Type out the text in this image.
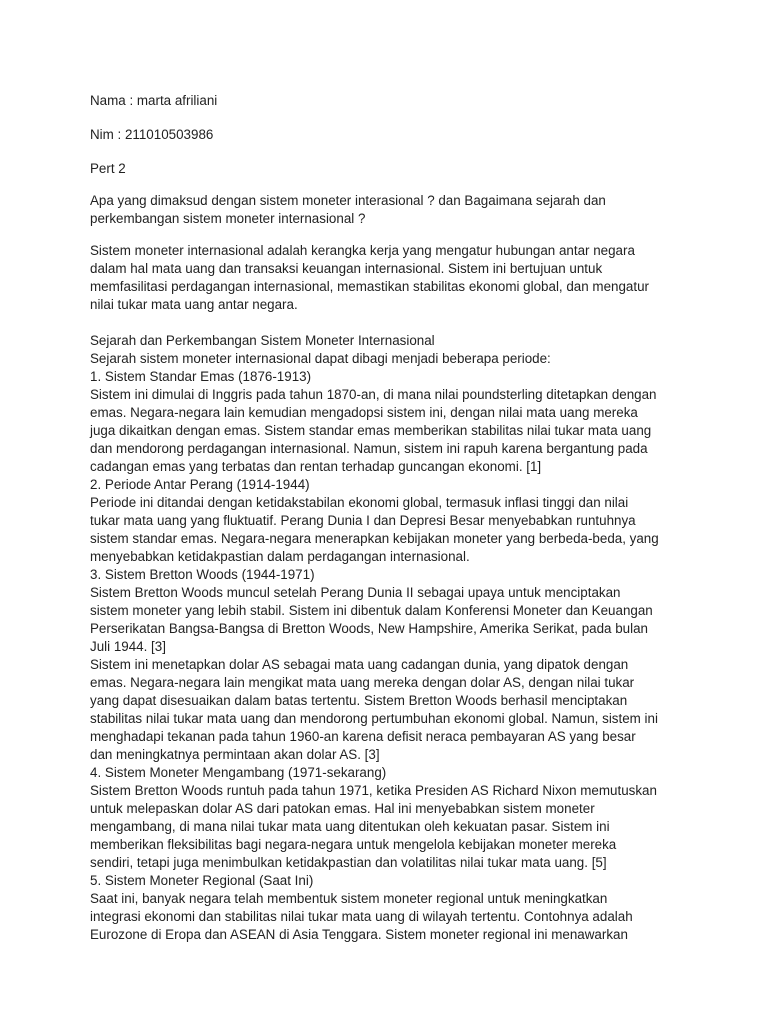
Nama : marta afriliani

Nim : 211010503986

Pert 2

Apa yang dimaksud dengan sistem moneter interasional ? dan Bagaimana sejarah dan
perkembangan sistem moneter internasional ?

Sistem moneter internasional adalah kerangka kerja yang mengatur hubungan antar negara
dalam hal mata uang dan transaksi keuangan internasional. Sistem ini bertujuan untuk
memfasilitasi perdagangan internasional, memastikan stabilitas ekonomi global, dan mengatur
nilai tukar mata uang antar negara.

Sejarah dan Perkembangan Sistem Moneter Internasional

Sejarah sistem moneter internasional dapat dibagi menjadi beberapa periode:

1. Sistem Standar Emas (1876-1913)

Sistem ini dimulai di Inggris pada tahun 1870-an, di mana nilai poundsterling ditetapkan dengan
emas. Negara-negara lain kemudian mengadopsi sistem ini, dengan nilai mata uang mereka
juga dikaitkan dengan emas. Sistem standar emas memberikan stabilitas nilai tukar mata uang
dan mendorong perdagangan internasional. Namun, sistem ini rapuh karena bergantung pada
cadangan emas yang terbatas dan rentan terhadap guncangan ekonomi. [1]

2. Periode Antar Perang (1914-1944)

Periode ini ditandai dengan ketidakstabilan ekonomi global, termasuk inflasi tinggi dan nilai
tukar mata uang yang fluktuatif. Perang Dunia I dan Depresi Besar menyebabkan runtuhnya
sistem standar emas. Negara-negara menerapkan kebijakan moneter yang berbeda-beda, yang
menyebabkan ketidakpastian dalam perdagangan internasional.

3. Sistem Bretton Woods (1944-1971)

Sistem Bretton Woods muncul setelah Perang Dunia II sebagai upaya untuk menciptakan
sistem moneter yang lebih stabil. Sistem ini dibentuk dalam Konferensi Moneter dan Keuangan
Perserikatan Bangsa-Bangsa di Bretton Woods, New Hampshire, Amerika Serikat, pada bulan
Juli 1944. [3]
Sistem ini menetapkan dolar AS sebagai mata uang cadangan dunia, yang dipatok dengan
emas. Negara-negara lain mengikat mata uang mereka dengan dolar AS, dengan nilai tukar
yang dapat disesuaikan dalam batas tertentu. Sistem Bretton Woods berhasil menciptakan
stabilitas nilai tukar mata uang dan mendorong pertumbuhan ekonomi global. Namun, sistem ini
menghadapi tekanan pada tahun 1960-an karena defisit neraca pembayaran AS yang besar
dan meningkatnya permintaan akan dolar AS. [3]

4. Sistem Moneter Mengambang (1971-sekarang)

Sistem Bretton Woods runtuh pada tahun 1971, ketika Presiden AS Richard Nixon memutuskan
untuk melepaskan dolar AS dari patokan emas. Hal ini menyebabkan sistem moneter
mengambang, di mana nilai tukar mata uang ditentukan oleh kekuatan pasar. Sistem ini
memberikan fleksibilitas bagi negara-negara untuk mengelola kebijakan moneter mereka
sendiri, tetapi juga menimbulkan ketidakpastian dan volatilitas nilai tukar mata uang. [5]

5. Sistem Moneter Regional (Saat Ini)

Saat ini, banyak negara telah membentuk sistem moneter regional untuk meningkatkan
integrasi ekonomi dan stabilitas nilai tukar mata uang di wilayah tertentu. Contohnya adalah
Eurozone di Eropa dan ASEAN di Asia Tenggara. Sistem moneter regional ini menawarkan
